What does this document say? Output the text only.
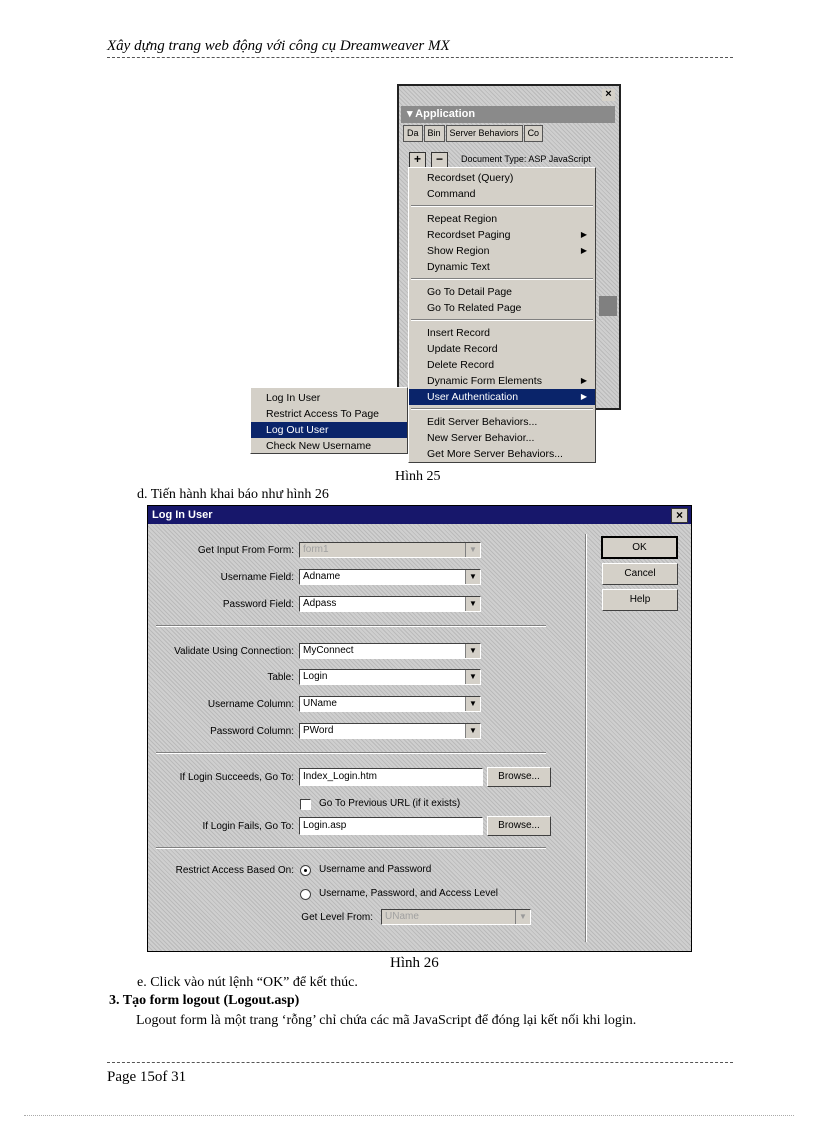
Xây dựng trang web động với công cụ Dreamweaver MX
×
▾ Application
Da	Bin	Server Behaviors	Co
+	−	Document Type: ASP JavaScript
Recordset (Query)
Command
Repeat Region
Recordset Paging	▶
Show Region	▶
Dynamic Text
Go To Detail Page
Go To Related Page
Insert Record
Update Record
Delete Record
Dynamic Form Elements	▶
User Authentication	▶
Edit Server Behaviors...
New Server Behavior...
Get More Server Behaviors...
Log In User
Restrict Access To Page
Log Out User
Check New Username
Hình 25
d. Tiến hành khai báo như hình 26
Log In User	×
Get Input From Form: form1	▼
Username Field: Adname	▼
Password Field: Adpass	▼
Validate Using Connection: MyConnect	▼
Table: Login	▼
Username Column: UName	▼
Password Column: PWord	▼
If Login Succeeds, Go To: Index_Login.htm	Browse...
Go To Previous URL (if it exists)
If Login Fails, Go To: Login.asp	Browse...
Restrict Access Based On:	Username and Password
Username, Password, and Access Level
Get Level From:	UName	▼
OK
Cancel
Help
Hình 26
e. Click vào nút lệnh “OK” để kết thúc.
3. Tạo form logout (Logout.asp)
Logout form là một trang ‘rỗng’ chỉ chứa các mã JavaScript để đóng lại kết nối khi login.
Page 15of 31
